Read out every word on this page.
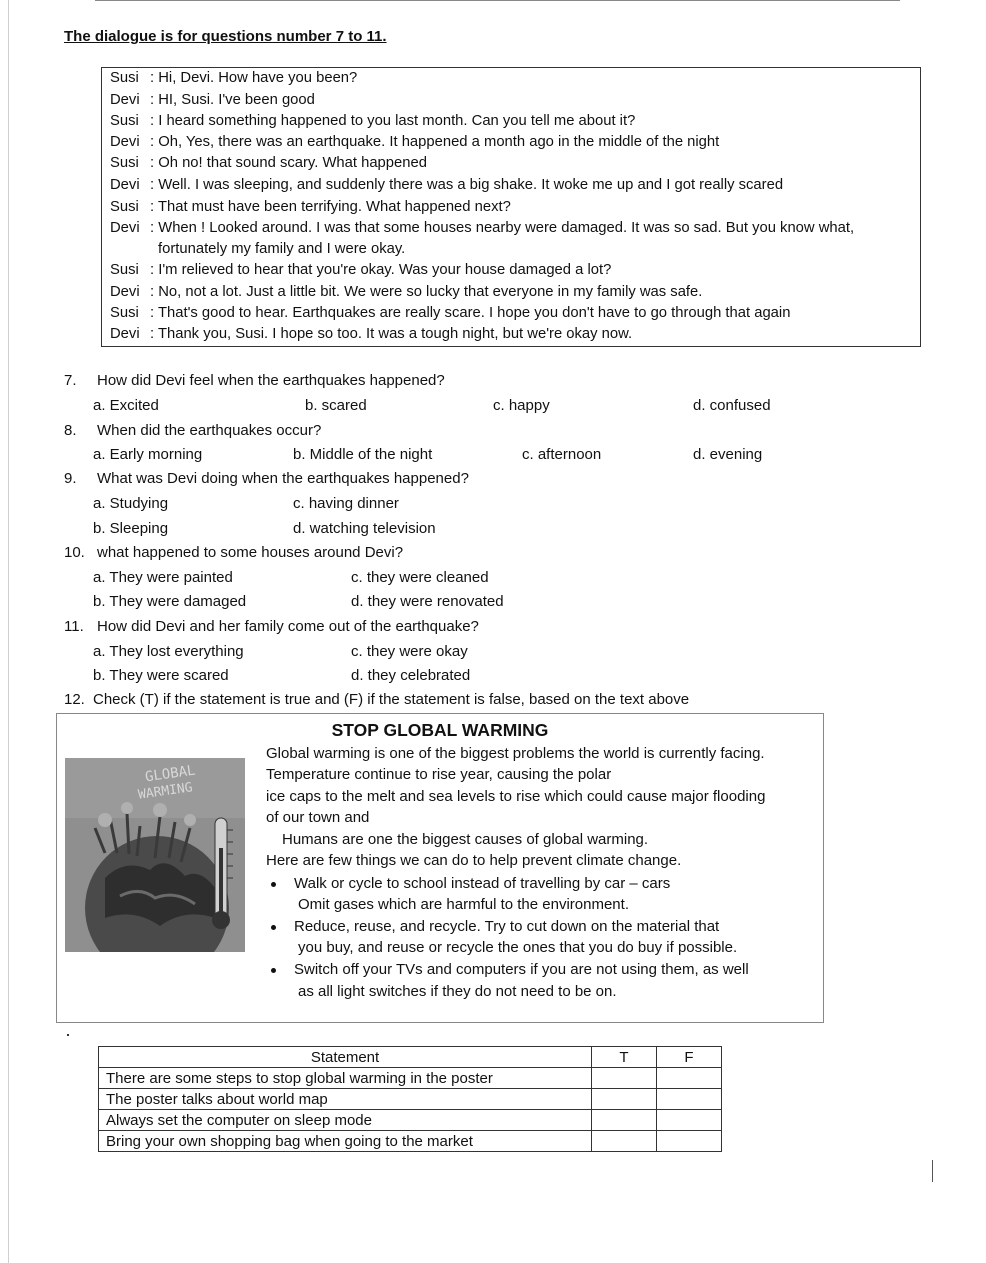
The dialogue is for questions number 7 to 11.
Susi : Hi, Devi. How have you been?
Devi : HI, Susi. I've been good
Susi : I heard something happened to you last month. Can you tell me about it?
Devi : Oh, Yes, there was an earthquake. It happened a month ago in the middle of the night
Susi : Oh no! that sound scary. What happened
Devi : Well. I was sleeping, and suddenly there was a big shake. It woke me up and I got really scared
Susi : That must have been terrifying. What happened next?
Devi : When ! Looked around. I was that some houses nearby were damaged. It was so sad. But you know what,
fortunately my family and I were okay.
Susi : I'm relieved to hear that you're okay. Was your house damaged a lot?
Devi : No, not a lot. Just a little bit. We were so lucky that everyone in my family was safe.
Susi : That's good to hear. Earthquakes are really scare. I hope you don't have to go through that again
Devi : Thank you, Susi. I hope so too. It was a tough night, but we're okay now.
7. How did Devi feel when the earthquakes happened?
a. Excited	b. scared	c. happy	d. confused
8. When did the earthquakes occur?
a. Early morning	b. Middle of the night	c. afternoon	d. evening
9. What was Devi doing when the earthquakes happened?
a. Studying	c. having dinner
b. Sleeping	d. watching television
10. what happened to some houses around Devi?
a. They were painted	c. they were cleaned
b. They were damaged	d. they were renovated
11. How did Devi and her family come out of the earthquake?
a. They lost everything	c. they were okay
b. They were scared	d. they celebrated
12. Check (T) if the statement is true and (F) if the statement is false, based on the text above
STOP GLOBAL WARMING
GLOBAL
WARMING
Global warming is one of the biggest problems the world is currently facing.
Temperature continue to rise year, causing the polar
ice caps to the melt and sea levels to rise which could cause major flooding
of our town and
Humans are one the biggest causes of global warming.
Here are few things we can do to help prevent climate change.
Walk or cycle to school instead of travelling by car – cars
Omit gases which are harmful to the environment.
Reduce, reuse, and recycle. Try to cut down on the material that
you buy, and reuse or recycle the ones that you do buy if possible.
Switch off your TVs and computers if you are not using them, as well
as all light switches if they do not need to be on.
Statement	T	F
There are some steps to stop global warming in the poster		
The poster talks about world map		
Always set the computer on sleep mode		
Bring your own shopping bag when going to the market		
